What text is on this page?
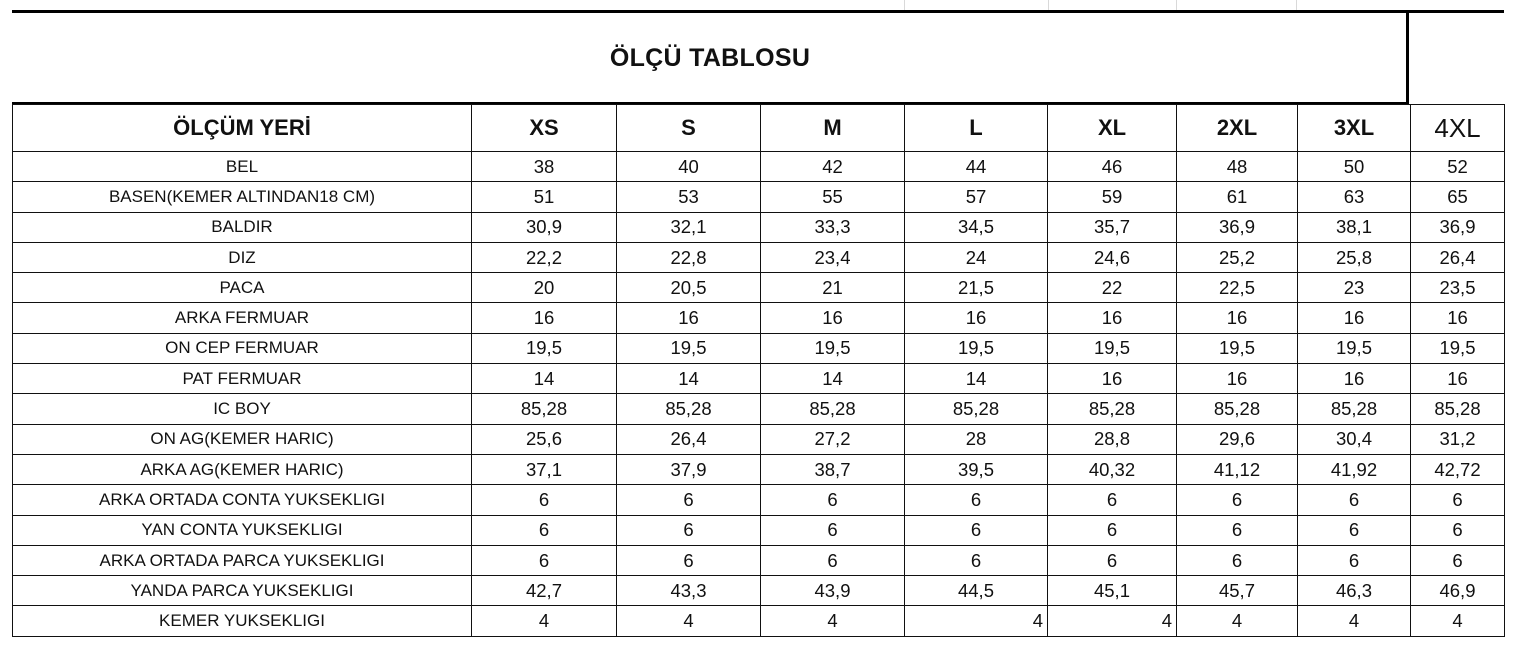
ÖLÇÜ TABLOSU
ÖLÇÜM YERİ	XS	S	M	L	XL	2XL	3XL	4XL
BEL	38	40	42	44	46	48	50	52
BASEN(KEMER ALTINDAN18 CM)	51	53	55	57	59	61	63	65
BALDIR	30,9	32,1	33,3	34,5	35,7	36,9	38,1	36,9
DIZ	22,2	22,8	23,4	24	24,6	25,2	25,8	26,4
PACA	20	20,5	21	21,5	22	22,5	23	23,5
ARKA FERMUAR	16	16	16	16	16	16	16	16
ON CEP FERMUAR	19,5	19,5	19,5	19,5	19,5	19,5	19,5	19,5
PAT FERMUAR	14	14	14	14	16	16	16	16
IC BOY	85,28	85,28	85,28	85,28	85,28	85,28	85,28	85,28
ON AG(KEMER HARIC)	25,6	26,4	27,2	28	28,8	29,6	30,4	31,2
ARKA AG(KEMER HARIC)	37,1	37,9	38,7	39,5	40,32	41,12	41,92	42,72
ARKA ORTADA CONTA YUKSEKLIGI	6	6	6	6	6	6	6	6
YAN CONTA YUKSEKLIGI	6	6	6	6	6	6	6	6
ARKA ORTADA PARCA YUKSEKLIGI	6	6	6	6	6	6	6	6
YANDA PARCA YUKSEKLIGI	42,7	43,3	43,9	44,5	45,1	45,7	46,3	46,9
KEMER YUKSEKLIGI	4	4	4	4	4	4	4	4
